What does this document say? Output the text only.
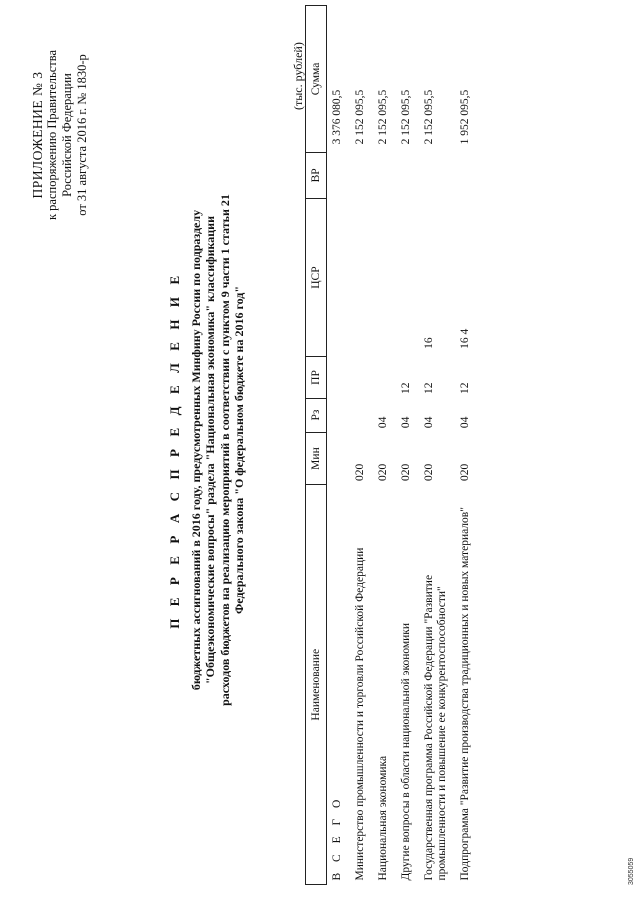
ПРИЛОЖЕНИЕ № 3 к распоряжению Правительства Российской Федерации от 31 августа 2016 г. № 1830-р
П Е Р Е Р А С П Р Е Д Е Л Е Н И Е бюджетных ассигнований в 2016 году, предусмотренных Минфину России по подразделу "Общеэкономические вопросы" раздела "Национальная экономика" классификации расходов бюджетов на реализацию мероприятий в соответствии с пунктом 9 части 1 статьи 21 Федерального закона "О федеральном бюджете на 2016 год"
(тыс. рублей)
Наименование	Мин	Рз	ПР	ЦСР	ВР	Сумма
В С Е Г О						3 376 080,5
Министерство промышленности и торговли Российской Федерации	020					2 152 095,5
Национальная экономика	020	04				2 152 095,5
Другие вопросы в области национальной экономики	020	04	12			2 152 095,5
Государственная программа Российской Федерации "Развитие промышленности и повышение ее конкурентоспособности"	020	04	12	16		2 152 095,5
Подпрограмма "Развитие производства традиционных и новых материалов"	020	04	12	16 4		1 952 095,5
3055059
